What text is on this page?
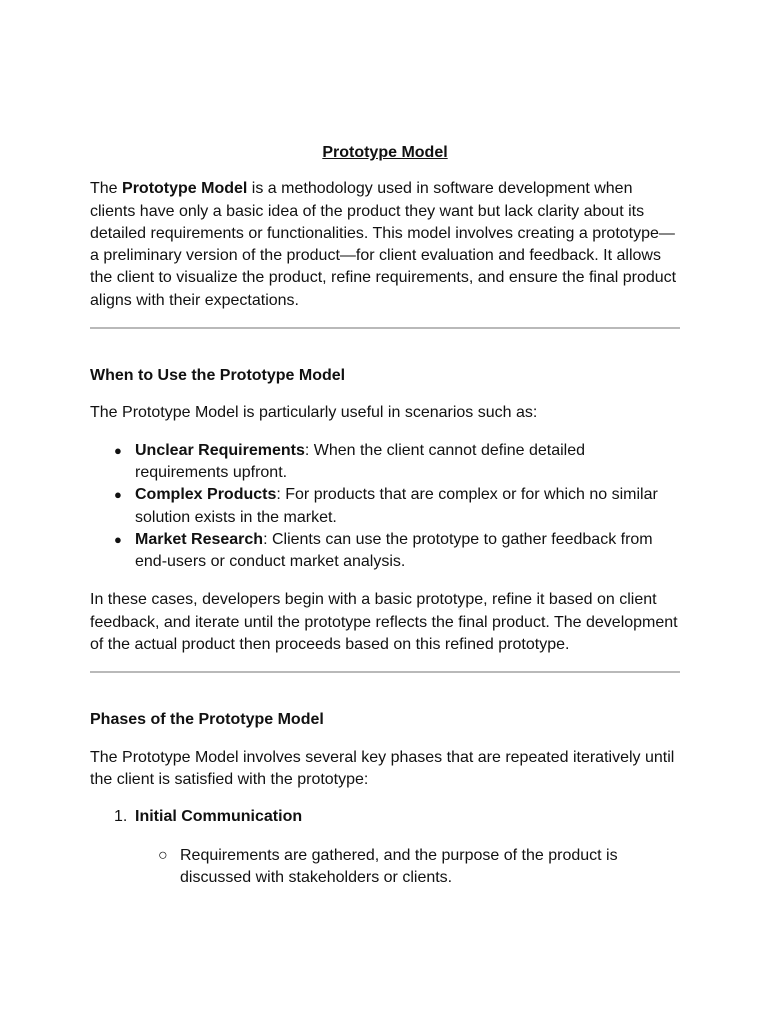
Prototype Model

The Prototype Model is a methodology used in software development when clients have only a basic idea of the product they want but lack clarity about its detailed requirements or functionalities. This model involves creating a prototype—a preliminary version of the product—for client evaluation and feedback. It allows the client to visualize the product, refine requirements, and ensure the final product aligns with their expectations.

When to Use the Prototype Model

The Prototype Model is particularly useful in scenarios such as:

● Unclear Requirements: When the client cannot define detailed requirements upfront.
● Complex Products: For products that are complex or for which no similar solution exists in the market.
● Market Research: Clients can use the prototype to gather feedback from end-users or conduct market analysis.

In these cases, developers begin with a basic prototype, refine it based on client feedback, and iterate until the prototype reflects the final product. The development of the actual product then proceeds based on this refined prototype.

Phases of the Prototype Model

The Prototype Model involves several key phases that are repeated iteratively until the client is satisfied with the prototype:

1. Initial Communication
○ Requirements are gathered, and the purpose of the product is discussed with stakeholders or clients.
